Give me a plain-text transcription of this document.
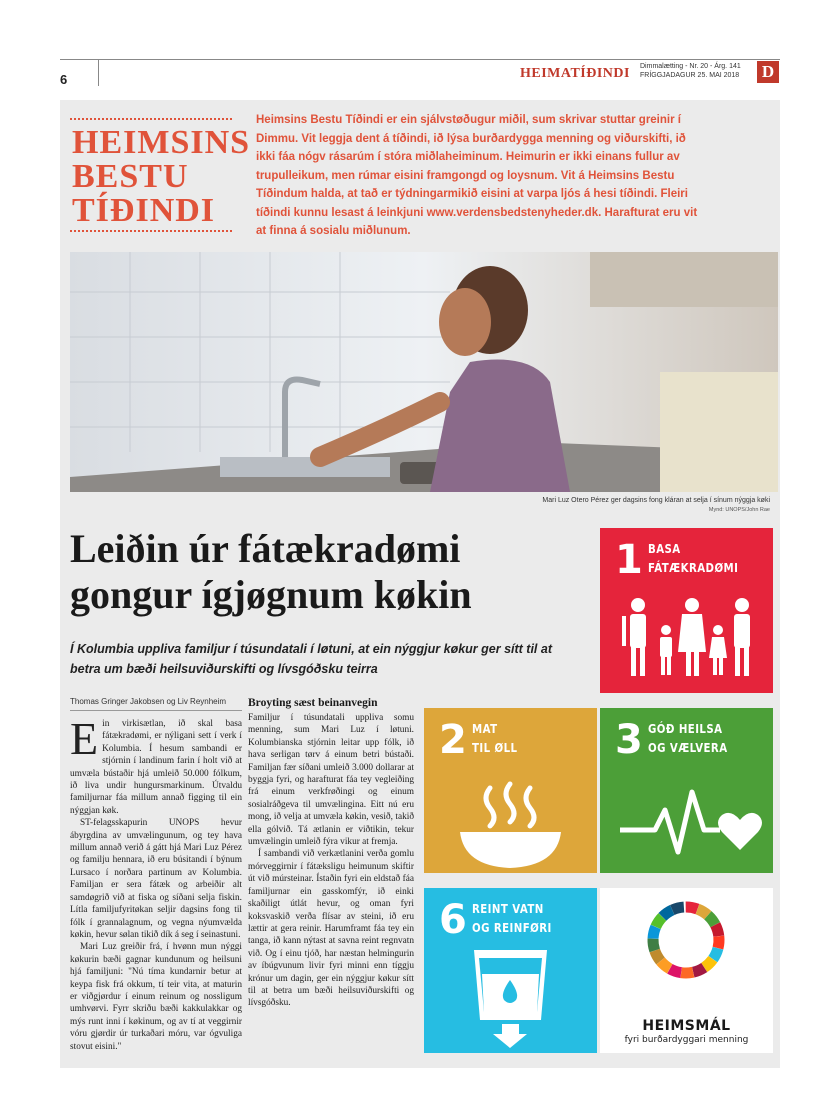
6	HEIMATÍÐINDI Dimmalætting - Nr. 20 - Árg. 141
FRÍGGJADAGUR 25. MAI 2018 D
HEIMSINS
BESTU
TÍÐINDI
Heimsins Bestu Tíðindi er ein sjálvstøðugur miðil, sum skrivar stuttar greinir í Dimmu. Vit leggja dent á tíðindi, ið lýsa burðardygga menning og viðurskifti, ið ikki fáa nógv rásarúm í stóra miðlaheiminum. Heimurin er ikki einans fullur av trupulleikum, men rúmar eisini framgongd og loysnum. Vit á Heimsins Bestu Tíðindum halda, at tað er týdningarmikið eisini at varpa ljós á hesi tíðindi. Fleiri tíðindi kunnu lesast á leinkjuni www.verdensbedstenyheder.dk. Harafturat eru vit at finna á sosialu miðlunum.
Mari Luz Otero Pérez ger dagsins fong kláran at selja í sínum nýggja køki
Mynd: UNOPS/John Rae
Leiðin úr fátækradømi
gongur ígjøgnum køkin
Í Kolumbia uppliva familjur í túsundatali í løtuni, at ein nýggjur køkur ger sítt til at betra um bæði heilsuviðurskifti og lívsgóðsku teirra
Thomas Gringer Jakobsen og Liv Reynheim
E in virkisætlan, ið skal basa fátækradømi, er nýligani sett í verk í Kolumbia. Í hesum sambandi er stjórnin í landinum farin í holt við at umvæla bústaðir hjá umleið 50.000 fólkum, ið liva undir hungursmarkinum. Útvaldu familjurnar fáa millum annað figging til ein nýggjan køk.

ST-felagsskapurin UNOPS hevur ábyrgdina av umvælingunum, og tey hava millum annað verið á gátt hjá Mari Luz Pérez og familju hennara, ið eru búsitandi í býnum Lursaco í norðara partinum av Kolumbia. Familjan er sera fátæk og arbeiðir alt samdøgrið við at fiska og síðani selja fiskin. Lítla familjufyritøkan seljir dagsins fong til fólk í grannalagnum, og vegna nýumvælda køkin, hevur sølan tikið dík á seg í seinastuni.

Mari Luz greiðir frá, í hvønn mun nýggi køkurin bæði gagnar kundunum og heilsuni hjá familjuni: "Nú tíma kundarnir betur at keypa fisk frá okkum, tí teir vita, at maturin er viðgjørdur í einum reinum og nossligum umhvørvi. Fyrr skriðu bæði kakkulakkar og mýs runt inni í køkinum, og av tí at veggirnir vóru gjørdir úr turkaðari móru, var ógvuliga stovut eisini."

Broyting sæst beinanvegin

Familjur í túsundatali uppliva somu menning, sum Mari Luz í løtuni. Kolumbianska stjórnin leitar upp fólk, ið hava serligan tørv á einum betri bústaði. Familjan fær síðani umleið 3.000 dollarar at byggja fyri, og harafturat fáa tey vegleiðing frá einum verkfrøðingi og einum sosialráðgeva til umvælingina. Eitt nú eru mong, ið velja at umvæla køkin, vesið, takið ella gólvið. Tá ætlanin er viðtikin, tekur umvælingin umleið fýra vikur at fremja.

Í sambandi við verkætlanini verða gomlu mórveggirnir í fátæksligu heimunum skiftir út við múrsteinar. Ístaðin fyri ein eldstað fáa familjurnar ein gasskomfýr, ið einki skaðiligt útlát hevur, og oman fyri koksvaskið verða flísar av steini, ið eru lættir at gera reinir. Harumframt fáa tey ein tanga, ið kann nýtast at savna reint regnvatn við. Og í einu tjóð, har næstan helmingurin av íbúgvunum livir fyri minni enn tíggju krónur um dagin, ger ein nýggjur køkur sítt til at betra um bæði heilsuviðurskifti og lívsgóðsku.

1 BASA
FÁTÆKRADØMI
2 MAT
TIL ØLL 3 GÓÐ HEILSA
OG VÆLVERA
6 REINT VATN
OG REINFØRI
HEIMSMÁL
fyri burðardyggari menning
